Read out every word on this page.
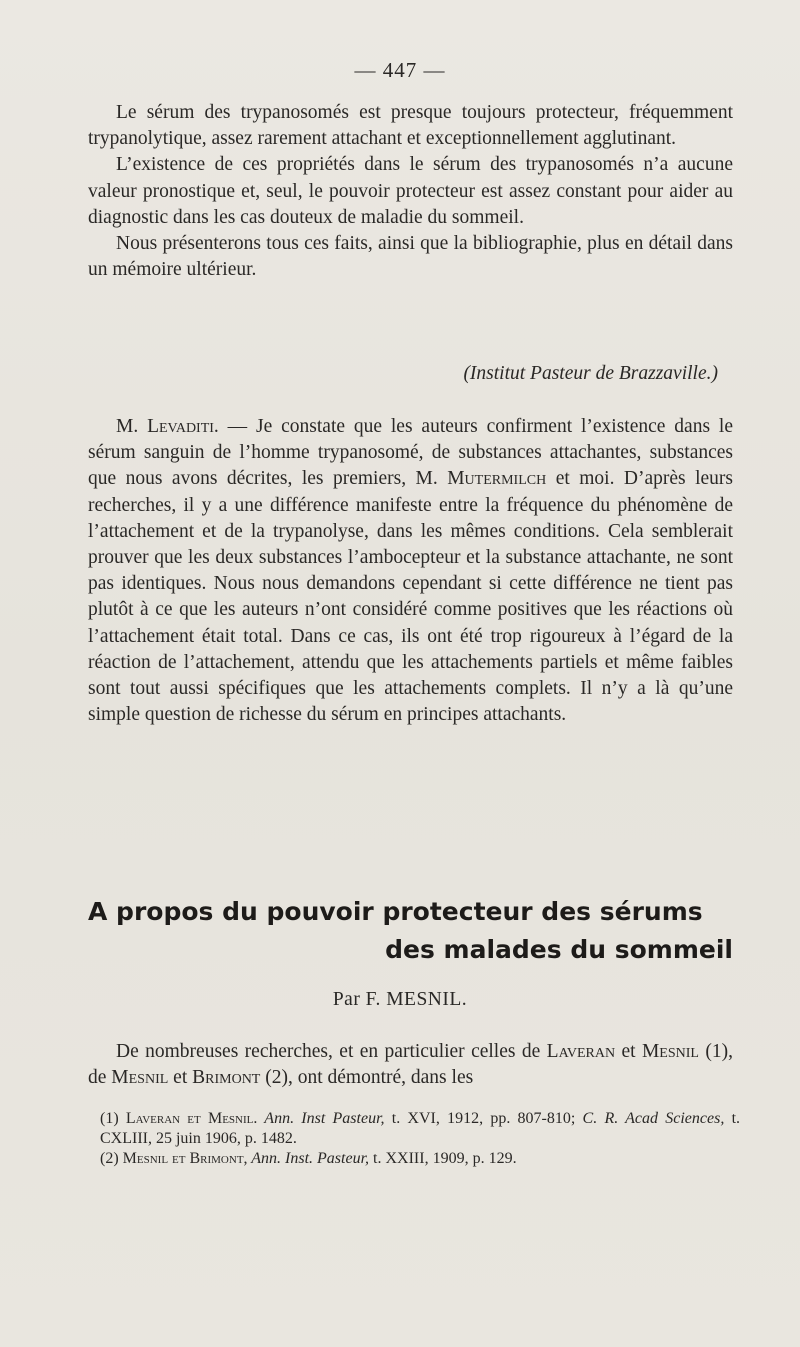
— 447 —

Le sérum des trypanosomés est presque toujours protecteur, fréquemment trypanolytique, assez rarement attachant et exceptionnellement agglutinant.

L’existence de ces propriétés dans le sérum des trypanosomés n’a aucune valeur pronostique et, seul, le pouvoir protecteur est assez constant pour aider au diagnostic dans les cas douteux de maladie du sommeil.

Nous présenterons tous ces faits, ainsi que la bibliographie, plus en détail dans un mémoire ultérieur.

(Institut Pasteur de Brazzaville.)

M. Levaditi. — Je constate que les auteurs confirment l’existence dans le sérum sanguin de l’homme trypanosomé, de substances attachantes, substances que nous avons décrites, les premiers, M. Mutermilch et moi. D’après leurs recherches, il y a une différence manifeste entre la fréquence du phénomène de l’attachement et de la trypanolyse, dans les mêmes conditions. Cela semblerait prouver que les deux substances l’ambocepteur et la substance attachante, ne sont pas identiques. Nous nous demandons cependant si cette différence ne tient pas plutôt à ce que les auteurs n’ont considéré comme positives que les réactions où l’attachement était total. Dans ce cas, ils ont été trop rigoureux à l’égard de la réaction de l’attachement, attendu que les attachements partiels et même faibles sont tout aussi spécifiques que les attachements complets. Il n’y a là qu’une simple question de richesse du sérum en principes attachants.

A propos du pouvoir protecteur des sérums
des malades du sommeil
Par F. MESNIL.

De nombreuses recherches, et en particulier celles de Laveran et Mesnil (1), de Mesnil et Brimont (2), ont démontré, dans les

(1) Laveran et Mesnil. Ann. Inst Pasteur, t. XVI, 1912, pp. 807-810; C. R. Acad Sciences, t. CXLIII, 25 juin 1906, p. 1482.

(2) Mesnil et Brimont, Ann. Inst. Pasteur, t. XXIII, 1909, p. 129.
